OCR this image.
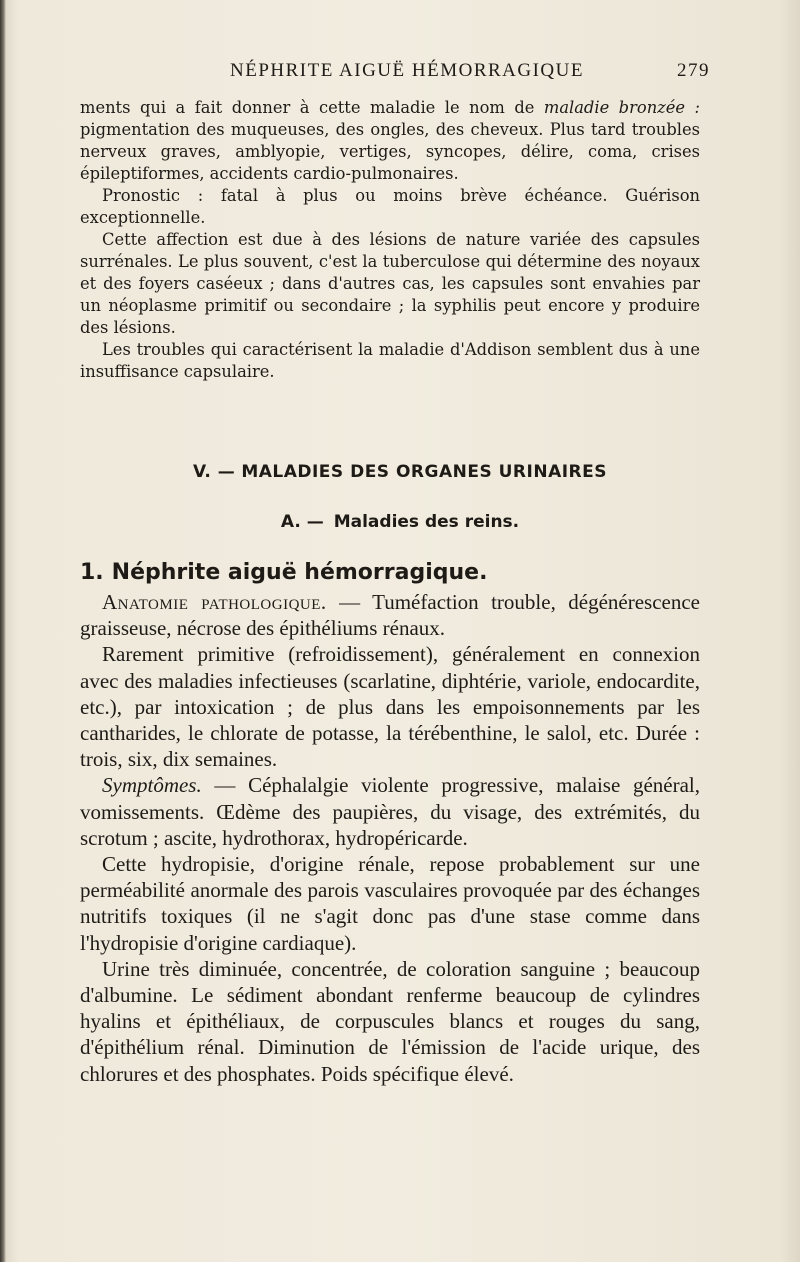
NÉPHRITE AIGUË HÉMORRAGIQUE	279

ments qui a fait donner à cette maladie le nom de maladie bronzée : pigmentation des muqueuses, des ongles, des cheveux. Plus tard troubles nerveux graves, amblyopie, vertiges, syncopes, délire, coma, crises épileptiformes, accidents cardio-pulmonaires.

Pronostic : fatal à plus ou moins brève échéance. Guérison exceptionnelle.

Cette affection est due à des lésions de nature variée des capsules surrénales. Le plus souvent, c'est la tuberculose qui détermine des noyaux et des foyers caséeux ; dans d'autres cas, les capsules sont envahies par un néoplasme primitif ou secondaire ; la syphilis peut encore y produire des lésions.

Les troubles qui caractérisent la maladie d'Addison semblent dus à une insuffisance capsulaire.

V. — MALADIES DES ORGANES URINAIRES
A. — Maladies des reins.
1. Néphrite aiguë hémorragique.

Anatomie pathologique. — Tuméfaction trouble, dégénérescence graisseuse, nécrose des épithéliums rénaux.

Rarement primitive (refroidissement), généralement en connexion avec des maladies infectieuses (scarlatine, diphtérie, variole, endocardite, etc.), par intoxication ; de plus dans les empoisonnements par les cantharides, le chlorate de potasse, la térébenthine, le salol, etc. Durée : trois, six, dix semaines.

Symptômes. — Céphalalgie violente progressive, malaise général, vomissements. Œdème des paupières, du visage, des extrémités, du scrotum ; ascite, hydrothorax, hydropéricarde.

Cette hydropisie, d'origine rénale, repose probablement sur une perméabilité anormale des parois vasculaires provoquée par des échanges nutritifs toxiques (il ne s'agit donc pas d'une stase comme dans l'hydropisie d'origine cardiaque).

Urine très diminuée, concentrée, de coloration sanguine ; beaucoup d'albumine. Le sédiment abondant renferme beaucoup de cylindres hyalins et épithéliaux, de corpuscules blancs et rouges du sang, d'épithélium rénal. Diminution de l'émission de l'acide urique, des chlorures et des phosphates. Poids spécifique élevé.
